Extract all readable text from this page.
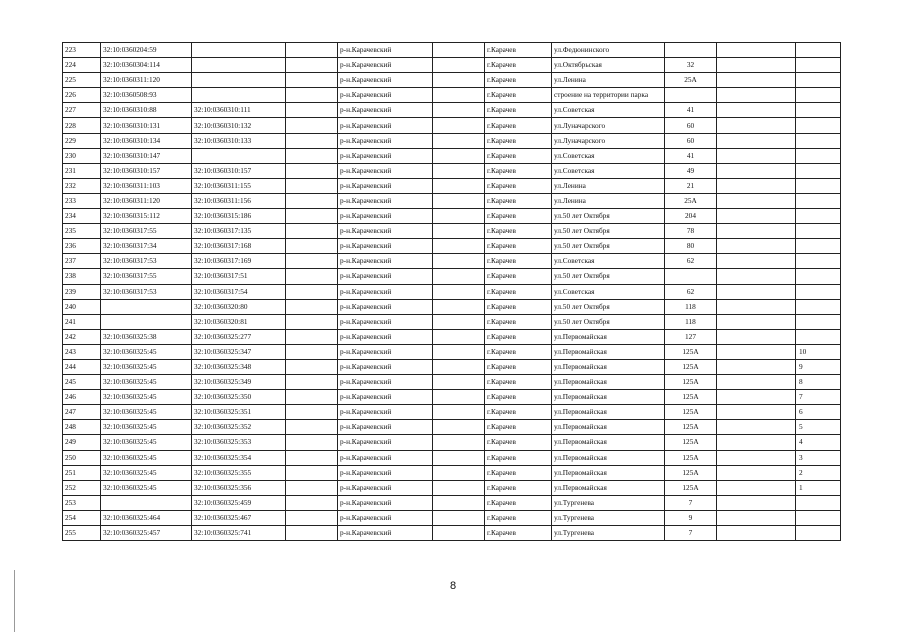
223	32:10:0360204:59			р-н.Карачевский		г.Карачев	ул.Федюнинского			
224	32:10:0360304:114			р-н.Карачевский		г.Карачев	ул.Октябрьская	32		
225	32:10:0360311:120			р-н.Карачевский		г.Карачев	ул.Ленина	25А		
226	32:10:0360508:93			р-н.Карачевский		г.Карачев	строение на территории парка			
227	32:10:0360310:88	32:10:0360310:111		р-н.Карачевский		г.Карачев	ул.Советская	41		
228	32:10:0360310:131	32:10:0360310:132		р-н.Карачевский		г.Карачев	ул.Луначарского	60		
229	32:10:0360310:134	32:10:0360310:133		р-н.Карачевский		г.Карачев	ул.Луначарского	60		
230	32:10:0360310:147			р-н.Карачевский		г.Карачев	ул.Советская	41		
231	32:10:0360310:157	32:10:0360310:157		р-н.Карачевский		г.Карачев	ул.Советская	49		
232	32:10:0360311:103	32:10:0360311:155		р-н.Карачевский		г.Карачев	ул.Ленина	21		
233	32:10:0360311:120	32:10:0360311:156		р-н.Карачевский		г.Карачев	ул.Ленина	25А		
234	32:10:0360315:112	32:10:0360315:186		р-н.Карачевский		г.Карачев	ул.50 лет Октября	204		
235	32:10:0360317:55	32:10:0360317:135		р-н.Карачевский		г.Карачев	ул.50 лет Октября	78		
236	32:10:0360317:34	32:10:0360317:168		р-н.Карачевский		г.Карачев	ул.50 лет Октября	80		
237	32:10:0360317:53	32:10:0360317:169		р-н.Карачевский		г.Карачев	ул.Советская	62		
238	32:10:0360317:55	32:10:0360317:51		р-н.Карачевский		г.Карачев	ул.50 лет Октября			
239	32:10:0360317:53	32:10:0360317:54		р-н.Карачевский		г.Карачев	ул.Советская	62		
240		32:10:0360320:80		р-н.Карачевский		г.Карачев	ул.50 лет Октября	118		
241		32:10:0360320:81		р-н.Карачевский		г.Карачев	ул.50 лет Октября	118		
242	32:10:0360325:38	32:10:0360325:277		р-н.Карачевский		г.Карачев	ул.Первомайская	127		
243	32:10:0360325:45	32:10:0360325:347		р-н.Карачевский		г.Карачев	ул.Первомайская	125А		10
244	32:10:0360325:45	32:10:0360325:348		р-н.Карачевский		г.Карачев	ул.Первомайская	125А		9
245	32:10:0360325:45	32:10:0360325:349		р-н.Карачевский		г.Карачев	ул.Первомайская	125А		8
246	32:10:0360325:45	32:10:0360325:350		р-н.Карачевский		г.Карачев	ул.Первомайская	125А		7
247	32:10:0360325:45	32:10:0360325:351		р-н.Карачевский		г.Карачев	ул.Первомайская	125А		6
248	32:10:0360325:45	32:10:0360325:352		р-н.Карачевский		г.Карачев	ул.Первомайская	125А		5
249	32:10:0360325:45	32:10:0360325:353		р-н.Карачевский		г.Карачев	ул.Первомайская	125А		4
250	32:10:0360325:45	32:10:0360325:354		р-н.Карачевский		г.Карачев	ул.Первомайская	125А		3
251	32:10:0360325:45	32:10:0360325:355		р-н.Карачевский		г.Карачев	ул.Первомайская	125А		2
252	32:10:0360325:45	32:10:0360325:356		р-н.Карачевский		г.Карачев	ул.Первомайская	125А		1
253		32:10:0360325:459		р-н.Карачевский		г.Карачев	ул.Тургенева	7		
254	32:10:0360325:464	32:10:0360325:467		р-н.Карачевский		г.Карачев	ул.Тургенева	9		
255	32:10:0360325:457	32:10:0360325:741		р-н.Карачевский		г.Карачев	ул.Тургенева	7		
8
